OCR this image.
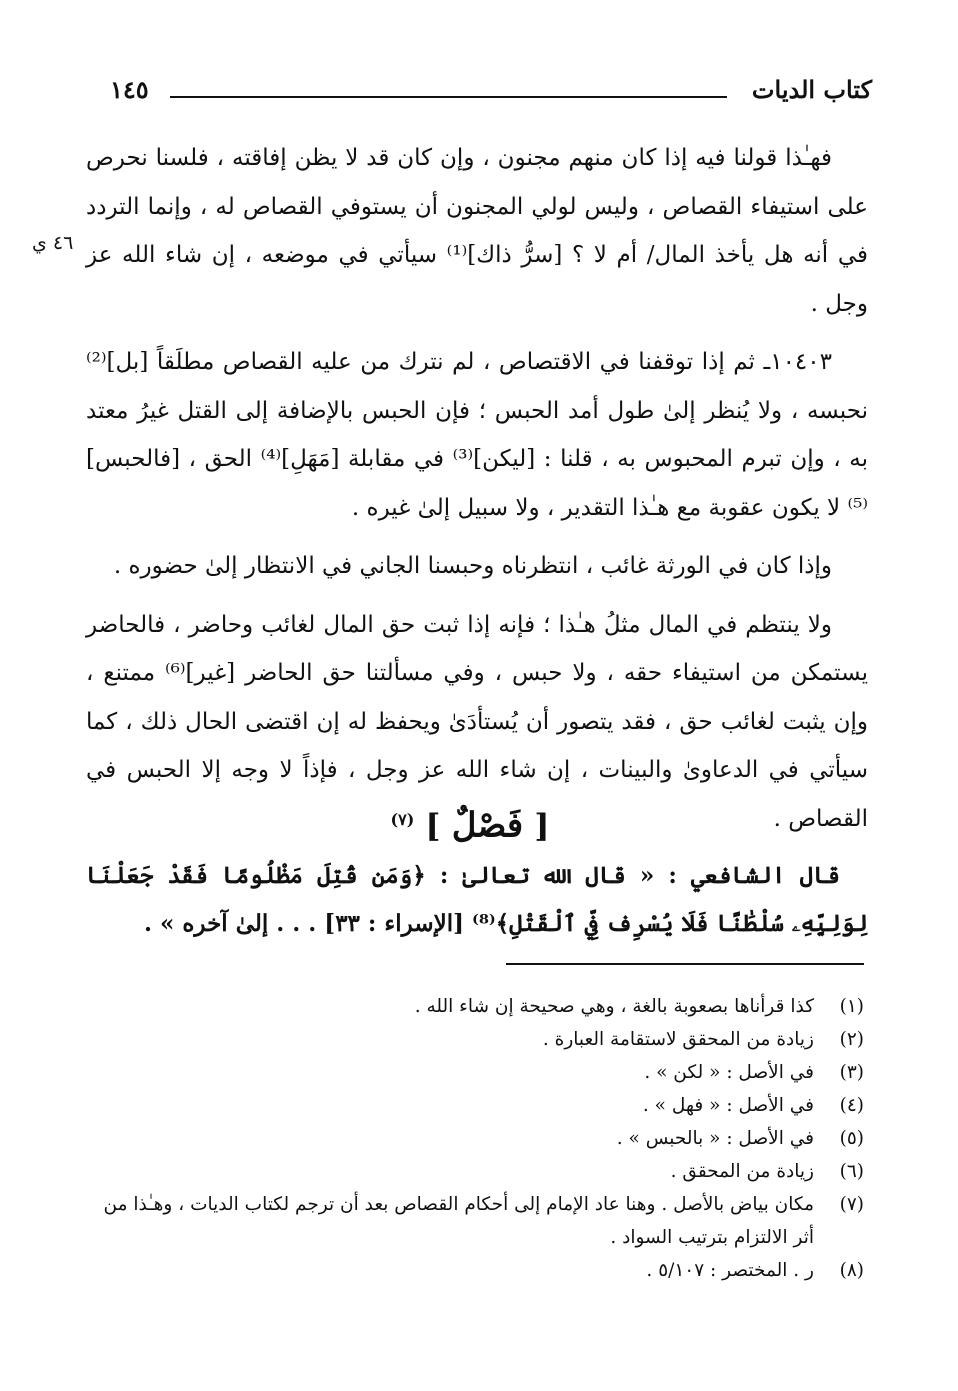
كتاب الديات
١٤٥
٤٦ ي

فهـٰذا قولنا فيه إذا كان منهم مجنون ، وإن كان قد لا يظن إفاقته ، فلسنا نحرص على استيفاء القصاص ، وليس لولي المجنون أن يستوفي القصاص له ، وإنما التردد في أنه هل يأخذ المال/ أم لا ؟ [سرُّ ذاك]⁽¹⁾ سيأتي في موضعه ، إن شاء الله عز وجل .

١٠٤٠٣ـ ثم إذا توقفنا في الاقتصاص ، لم نترك من عليه القصاص مطلَقاً [بل]⁽²⁾ نحبسه ، ولا يُنظر إلىٰ طول أمد الحبس ؛ فإن الحبس بالإضافة إلى القتل غيرُ معتد به ، وإن تبرم المحبوس به ، قلنا : [ليكن]⁽³⁾ في مقابلة [مَهَلِ]⁽⁴⁾ الحق ، [فالحبس]⁽⁵⁾ لا يكون عقوبة مع هـٰذا التقدير ، ولا سبيل إلىٰ غيره .

وإذا كان في الورثة غائب ، انتظرناه وحبسنا الجاني في الانتظار إلىٰ حضوره .

ولا ينتظم في المال مثلُ هـٰذا ؛ فإنه إذا ثبت حق المال لغائب وحاضر ، فالحاضر يستمكن من استيفاء حقه ، ولا حبس ، وفي مسألتنا حق الحاضر [غير]⁽⁶⁾ ممتنع ، وإن يثبت لغائب حق ، فقد يتصور أن يُستأدَىٰ ويحفظ له إن اقتضى الحال ذلك ، كما سيأتي في الدعاوىٰ والبينات ، إن شاء الله عز وجل ، فإذاً لا وجه إلا الحبس في القصاص .

[ فَصْلٌ ] $^{(٧)}$

قال الشافعي : « قال الله تعالىٰ : ﴿وَمَن قُتِلَ مَظْلُومًا فَقَدْ جَعَلْنَا لِوَلِيِّهِۦ سُلْطَٰنًا فَلَا يُسْرِف فِّي ٱلْقَتْلِ﴾⁽⁸⁾ [الإسراء : ٣٣] . . . إلىٰ آخره » .

(١)
كذا قرأناها بصعوبة بالغة ، وهي صحيحة إن شاء الله .
(٢)
زيادة من المحقق لاستقامة العبارة .
(٣)
في الأصل : « لكن » .
(٤)
في الأصل : « فهل » .
(٥)
في الأصل : « بالحبس » .
(٦)
زيادة من المحقق .
(٧)
مكان بياض بالأصل . وهنا عاد الإمام إلى أحكام القصاص بعد أن ترجم لكتاب الديات ، وهـٰذا من أثر الالتزام بترتيب السواد .
(٨)
ر . المختصر : ٥/١٠٧ .
